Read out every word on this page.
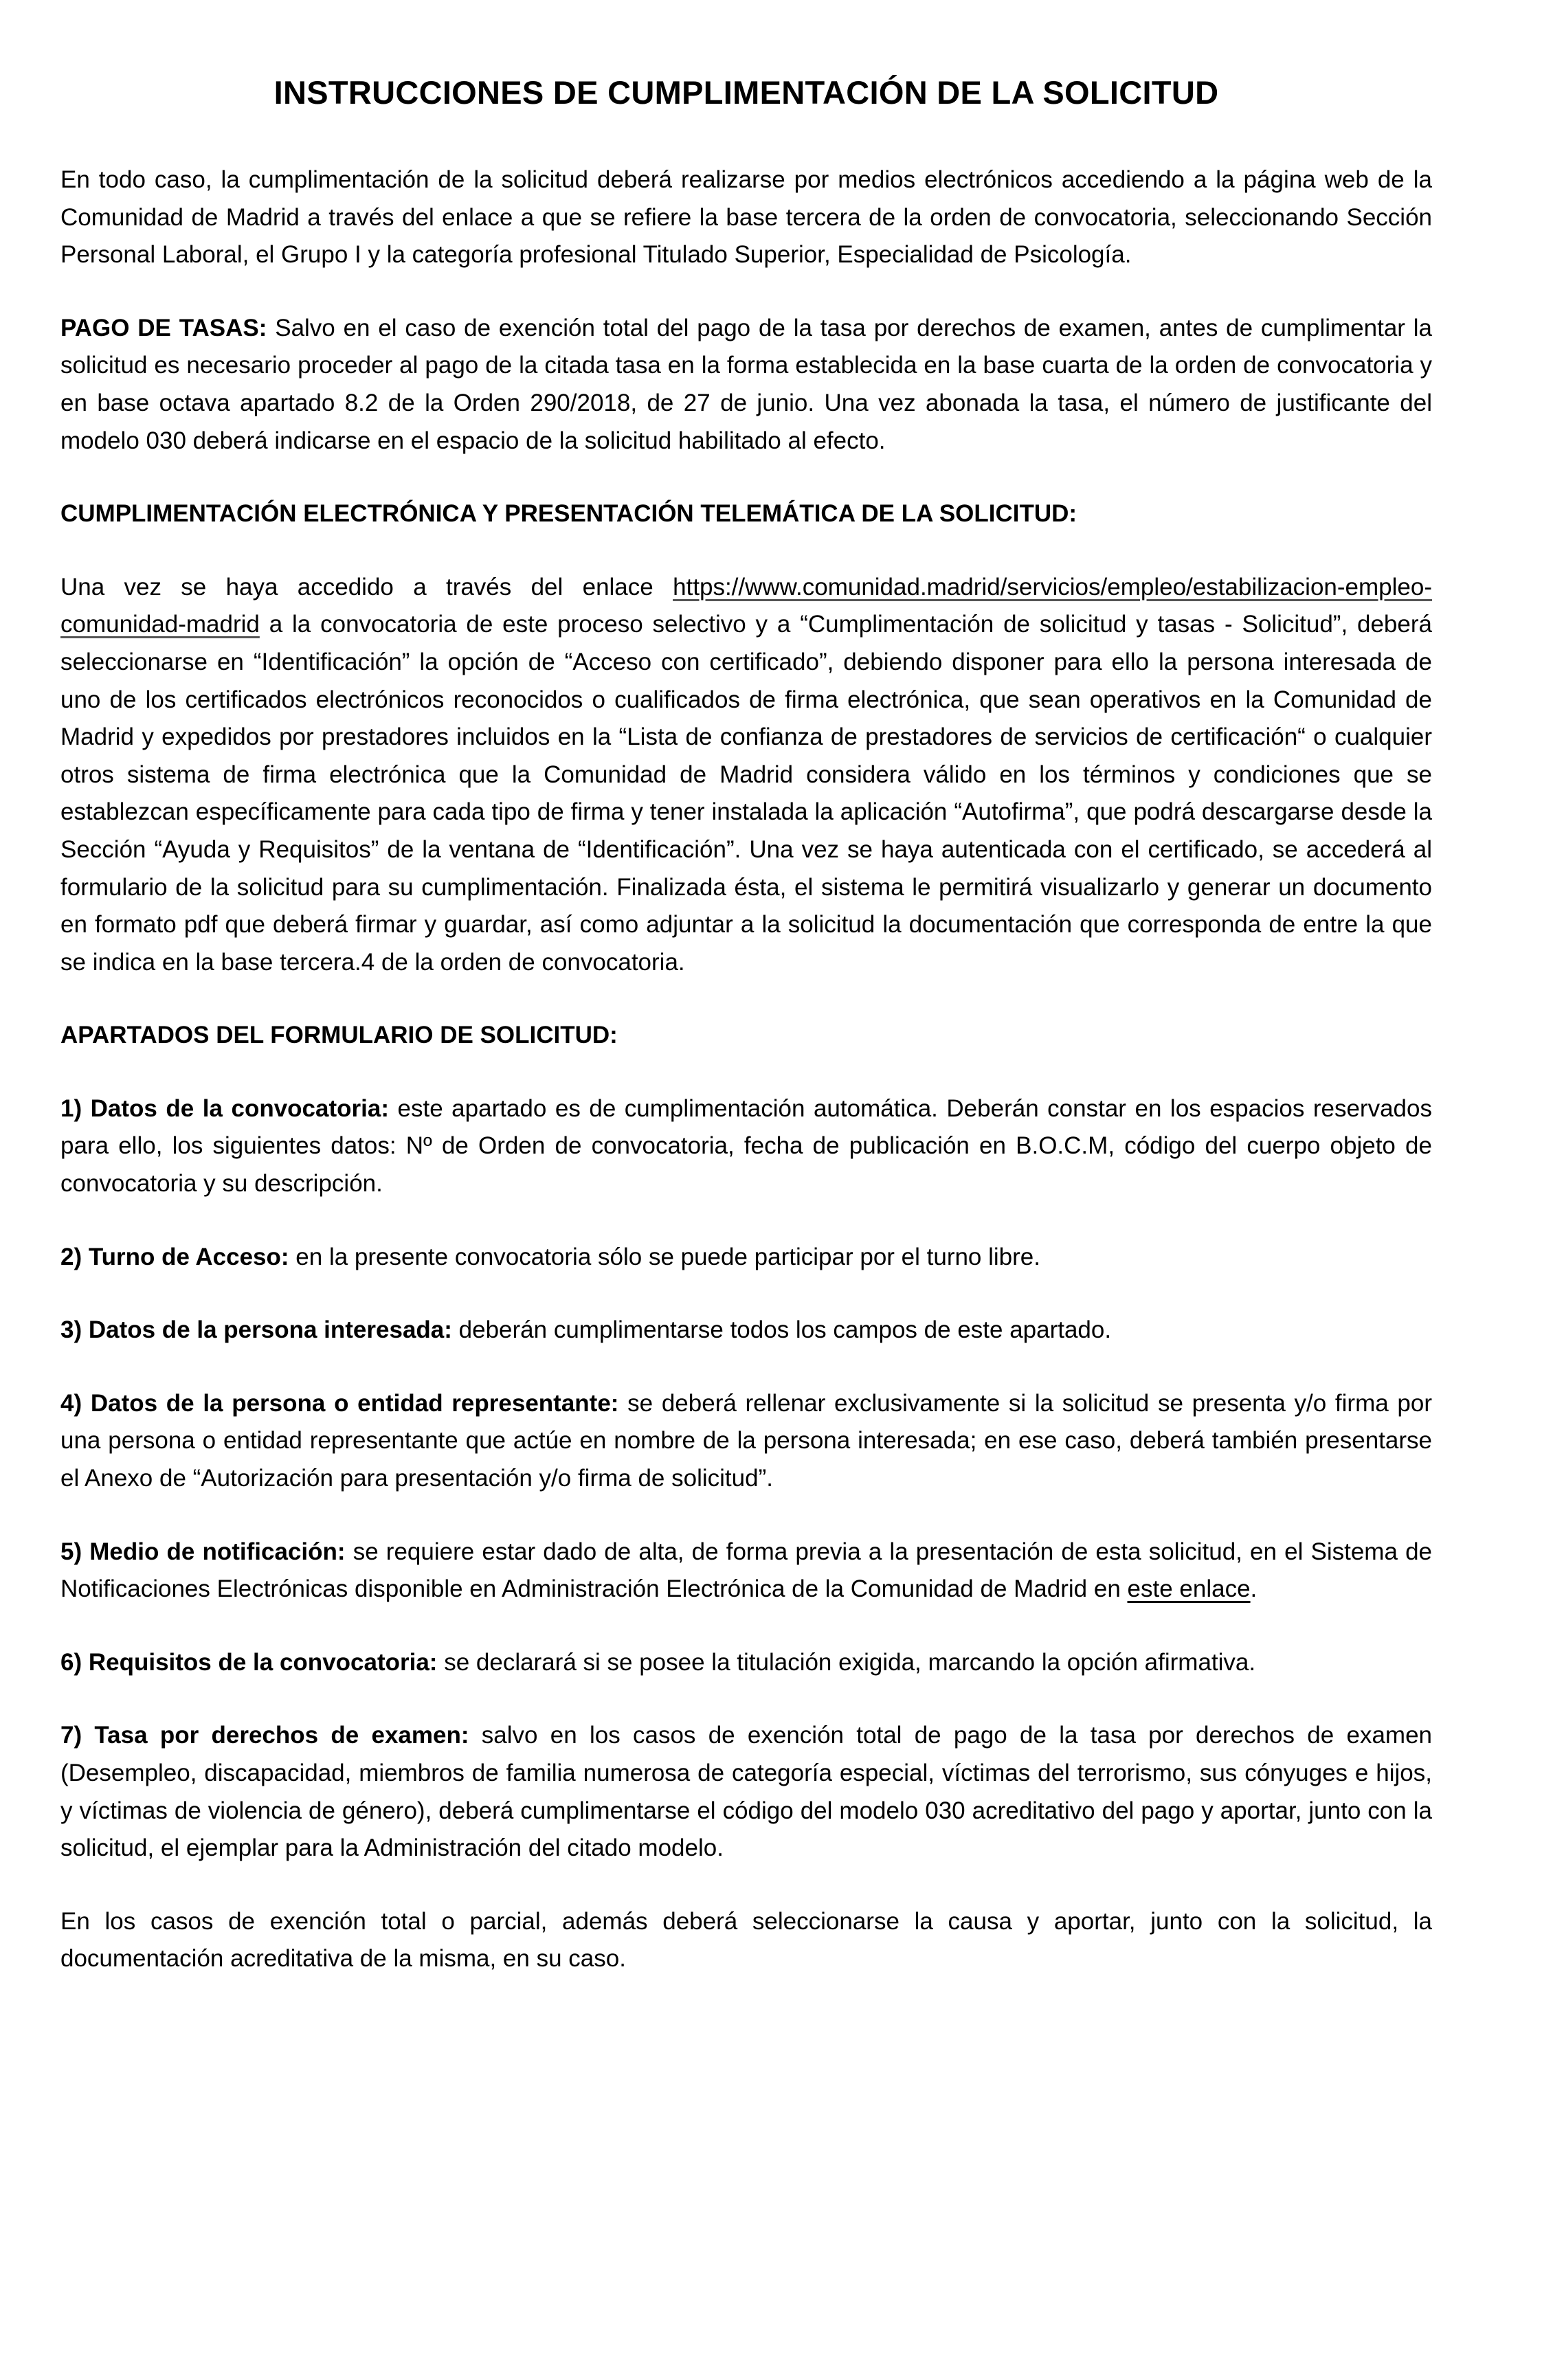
INSTRUCCIONES DE CUMPLIMENTACIÓN DE LA SOLICITUD

En todo caso, la cumplimentación de la solicitud deberá realizarse por medios electrónicos accediendo a la página web de la Comunidad de Madrid a través del enlace a que se refiere la base tercera de la orden de convocatoria, seleccionando Sección Personal Laboral, el Grupo I y la categoría profesional Titulado Superior, Especialidad de Psicología.

PAGO DE TASAS: Salvo en el caso de exención total del pago de la tasa por derechos de examen, antes de cumplimentar la solicitud es necesario proceder al pago de la citada tasa en la forma establecida en la base cuarta de la orden de convocatoria y en base octava apartado 8.2 de la Orden 290/2018, de 27 de junio. Una vez abonada la tasa, el número de justificante del modelo 030 deberá indicarse en el espacio de la solicitud habilitado al efecto.

CUMPLIMENTACIÓN ELECTRÓNICA Y PRESENTACIÓN TELEMÁTICA DE LA SOLICITUD:

Una vez se haya accedido a través del enlace https://www.comunidad.madrid/servicios/empleo/estabilizacion-empleo-comunidad-madrid a la convocatoria de este proceso selectivo y a “Cumplimentación de solicitud y tasas - Solicitud”, deberá seleccionarse en “Identificación” la opción de “Acceso con certificado”, debiendo disponer para ello la persona interesada de uno de los certificados electrónicos reconocidos o cualificados de firma electrónica, que sean operativos en la Comunidad de Madrid y expedidos por prestadores incluidos en la “Lista de confianza de prestadores de servicios de certificación“ o cualquier otros sistema de firma electrónica que la Comunidad de Madrid considera válido en los términos y condiciones que se establezcan específicamente para cada tipo de firma y tener instalada la aplicación “Autofirma”, que podrá descargarse desde la Sección “Ayuda y Requisitos” de la ventana de “Identificación”. Una vez se haya autenticada con el certificado, se accederá al formulario de la solicitud para su cumplimentación. Finalizada ésta, el sistema le permitirá visualizarlo y generar un documento en formato pdf que deberá firmar y guardar, así como adjuntar a la solicitud la documentación que corresponda de entre la que se indica en la base tercera.4 de la orden de convocatoria.

APARTADOS DEL FORMULARIO DE SOLICITUD:

1) Datos de la convocatoria: este apartado es de cumplimentación automática. Deberán constar en los espacios reservados para ello, los siguientes datos: Nº de Orden de convocatoria, fecha de publicación en B.O.C.M, código del cuerpo objeto de convocatoria y su descripción.

2) Turno de Acceso: en la presente convocatoria sólo se puede participar por el turno libre.

3) Datos de la persona interesada: deberán cumplimentarse todos los campos de este apartado.

4) Datos de la persona o entidad representante: se deberá rellenar exclusivamente si la solicitud se presenta y/o firma por una persona o entidad representante que actúe en nombre de la persona interesada; en ese caso, deberá también presentarse el Anexo de “Autorización para presentación y/o firma de solicitud”.

5) Medio de notificación: se requiere estar dado de alta, de forma previa a la presentación de esta solicitud, en el Sistema de Notificaciones Electrónicas disponible en Administración Electrónica de la Comunidad de Madrid en este enlace.

6) Requisitos de la convocatoria: se declarará si se posee la titulación exigida, marcando la opción afirmativa.

7) Tasa por derechos de examen: salvo en los casos de exención total de pago de la tasa por derechos de examen (Desempleo, discapacidad, miembros de familia numerosa de categoría especial, víctimas del terrorismo, sus cónyuges e hijos, y víctimas de violencia de género), deberá cumplimentarse el código del modelo 030 acreditativo del pago y aportar, junto con la solicitud, el ejemplar para la Administración del citado modelo.

En los casos de exención total o parcial, además deberá seleccionarse la causa y aportar, junto con la solicitud, la documentación acreditativa de la misma, en su caso.
